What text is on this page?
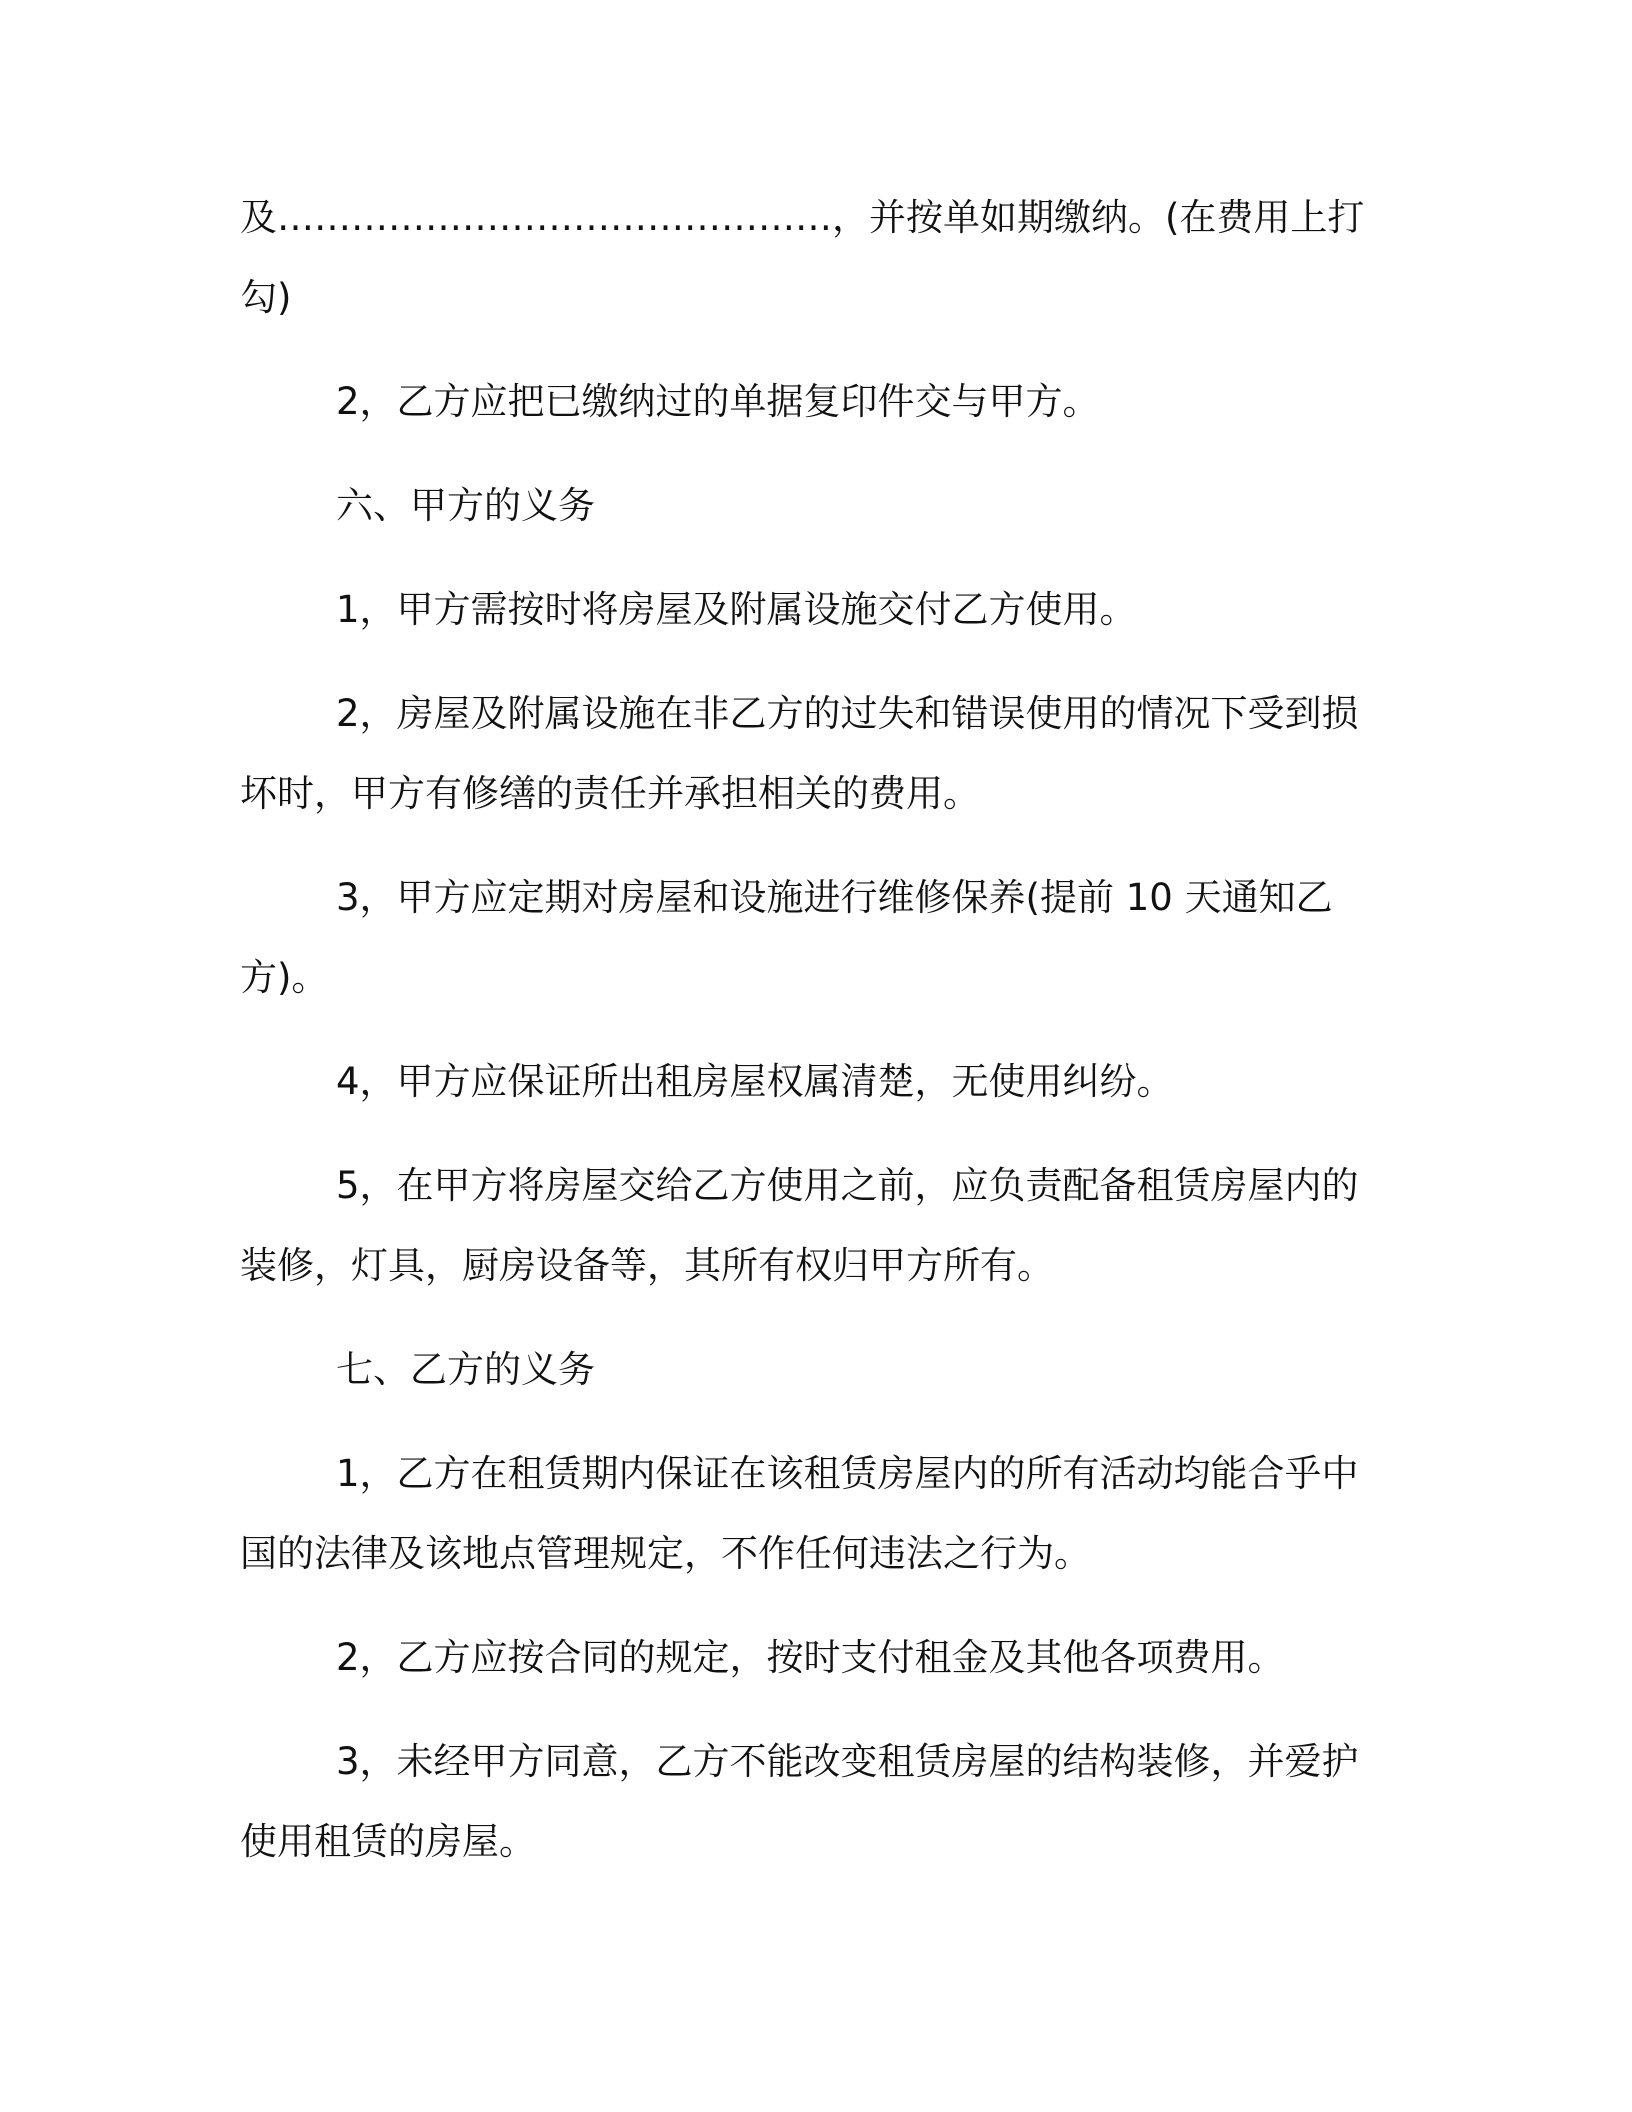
及………………………………………，并按单如期缴纳。(在费用上打勾)

2，乙方应把已缴纳过的单据复印件交与甲方。

六、甲方的义务

1，甲方需按时将房屋及附属设施交付乙方使用。

2，房屋及附属设施在非乙方的过失和错误使用的情况下受到损坏时，甲方有修缮的责任并承担相关的费用。

3，甲方应定期对房屋和设施进行维修保养(提前 10 天通知乙方)。

4，甲方应保证所出租房屋权属清楚，无使用纠纷。

5，在甲方将房屋交给乙方使用之前，应负责配备租赁房屋内的装修，灯具，厨房设备等，其所有权归甲方所有。

七、乙方的义务

1，乙方在租赁期内保证在该租赁房屋内的所有活动均能合乎中国的法律及该地点管理规定，不作任何违法之行为。

2，乙方应按合同的规定，按时支付租金及其他各项费用。

3，未经甲方同意，乙方不能改变租赁房屋的结构装修，并爱护使用租赁的房屋。
